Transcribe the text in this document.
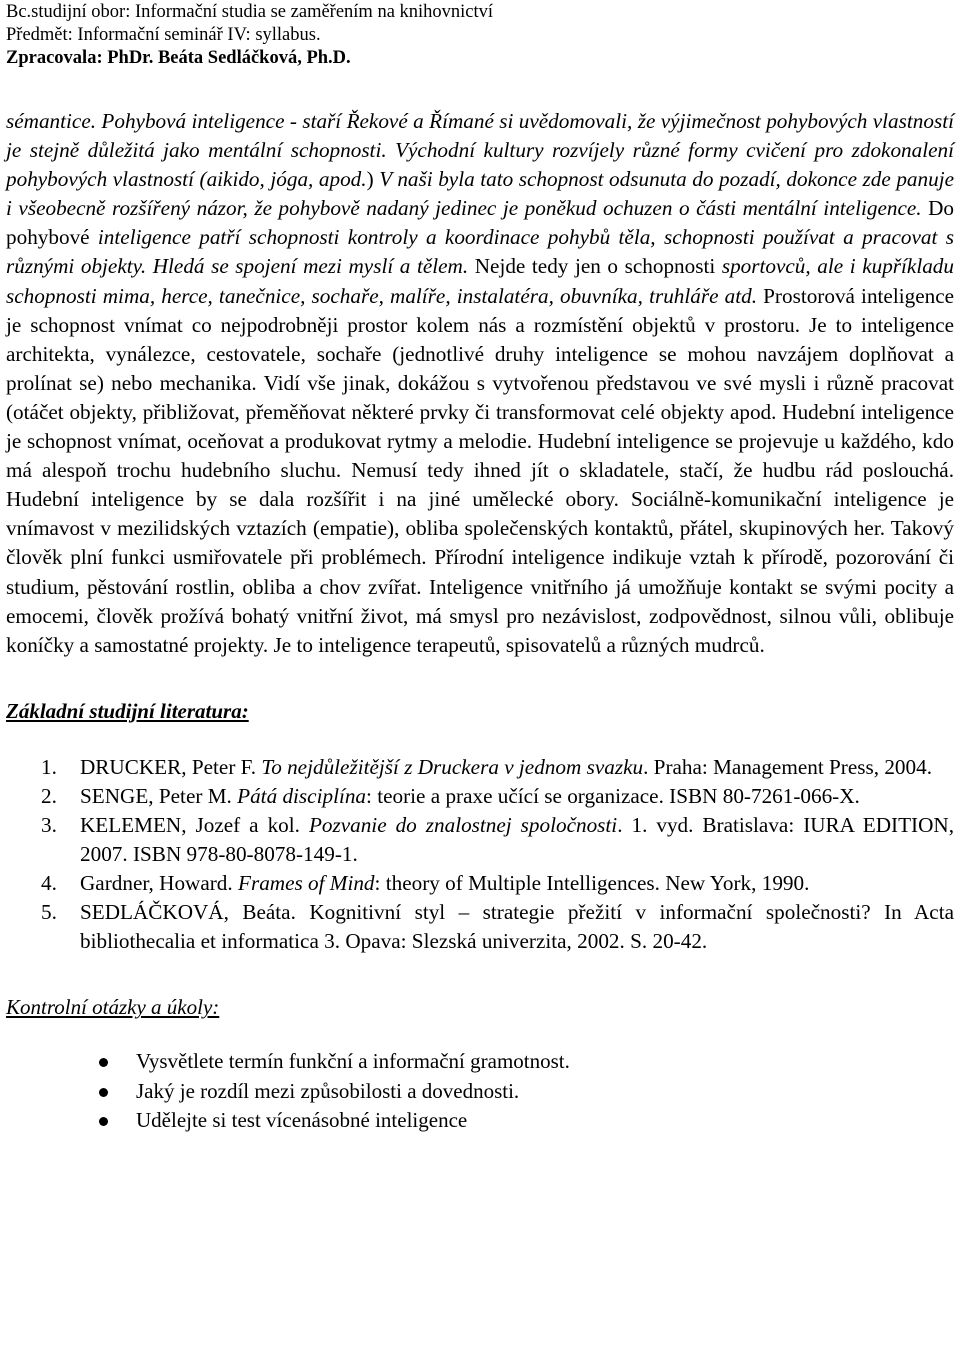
Bc.studijní obor: Informační studia se zaměřením na knihovnictví
Předmět: Informační seminář IV: syllabus.
Zpracovala: PhDr. Beáta Sedláčková, Ph.D.
sémantice. Pohybová inteligence - staří Řekové a Římané si uvědomovali, že výjimečnost pohybových vlastností je stejně důležitá jako mentální schopnosti. Východní kultury rozvíjely různé formy cvičení pro zdokonalení pohybových vlastností (aikido, jóga, apod.) V naši byla tato schopnost odsunuta do pozadí, dokonce zde panuje i všeobecně rozšířený názor, že pohybově nadaný jedinec je poněkud ochuzen o části mentální inteligence. Do pohybové inteligence patří schopnosti kontroly a koordinace pohybů těla, schopnosti používat a pracovat s různými objekty. Hledá se spojení mezi myslí a tělem. Nejde tedy jen o schopnosti sportovců, ale i kupříkladu schopnosti mima, herce, tanečnice, sochaře, malíře, instalatéra, obuvníka, truhláře atd. Prostorová inteligence je schopnost vnímat co nejpodrobněji prostor kolem nás a rozmístění objektů v prostoru. Je to inteligence architekta, vynálezce, cestovatele, sochaře (jednotlivé druhy inteligence se mohou navzájem doplňovat a prolínat se) nebo mechanika. Vidí vše jinak, dokážou s vytvořenou představou ve své mysli i různě pracovat (otáčet objekty, přibližovat, přeměňovat některé prvky či transformovat celé objekty apod. Hudební inteligence je schopnost vnímat, oceňovat a produkovat rytmy a melodie. Hudební inteligence se projevuje u každého, kdo má alespoň trochu hudebního sluchu. Nemusí tedy ihned jít o skladatele, stačí, že hudbu rád poslouchá. Hudební inteligence by se dala rozšířit i na jiné umělecké obory. Sociálně-komunikační inteligence je vnímavost v mezilidských vztazích (empatie), obliba společenských kontaktů, přátel, skupinových her. Takový člověk plní funkci usmiřovatele při problémech. Přírodní inteligence indikuje vztah k přírodě, pozorování či studium, pěstování rostlin, obliba a chov zvířat. Inteligence vnitřního já umožňuje kontakt se svými pocity a emocemi, člověk prožívá bohatý vnitřní život, má smysl pro nezávislost, zodpovědnost, silnou vůli, oblibuje koníčky a samostatné projekty. Je to inteligence terapeutů, spisovatelů a různých mudrců.
Základní studijní literatura:
1. DRUCKER, Peter F. To nejdůležitější z Druckera v jednom svazku. Praha: Management Press, 2004.
2. SENGE, Peter M. Pátá disciplína: teorie a praxe učící se organizace. ISBN 80-7261-066-X.
3. KELEMEN, Jozef a kol. Pozvanie do znalostnej spoločnosti. 1. vyd. Bratislava: IURA EDITION, 2007. ISBN 978-80-8078-149-1.
4. Gardner, Howard. Frames of Mind: theory of Multiple Intelligences. New York, 1990.
5. SEDLÁČKOVÁ, Beáta. Kognitivní styl – strategie přežití v informační společnosti? In Acta bibliothecalia et informatica 3. Opava: Slezská univerzita, 2002. S. 20-42.
Kontrolní otázky a úkoly:
Vysvětlete termín funkční a informační gramotnost.
Jaký je rozdíl mezi způsobilosti a dovednosti.
Udělejte si test vícenásobné inteligence
